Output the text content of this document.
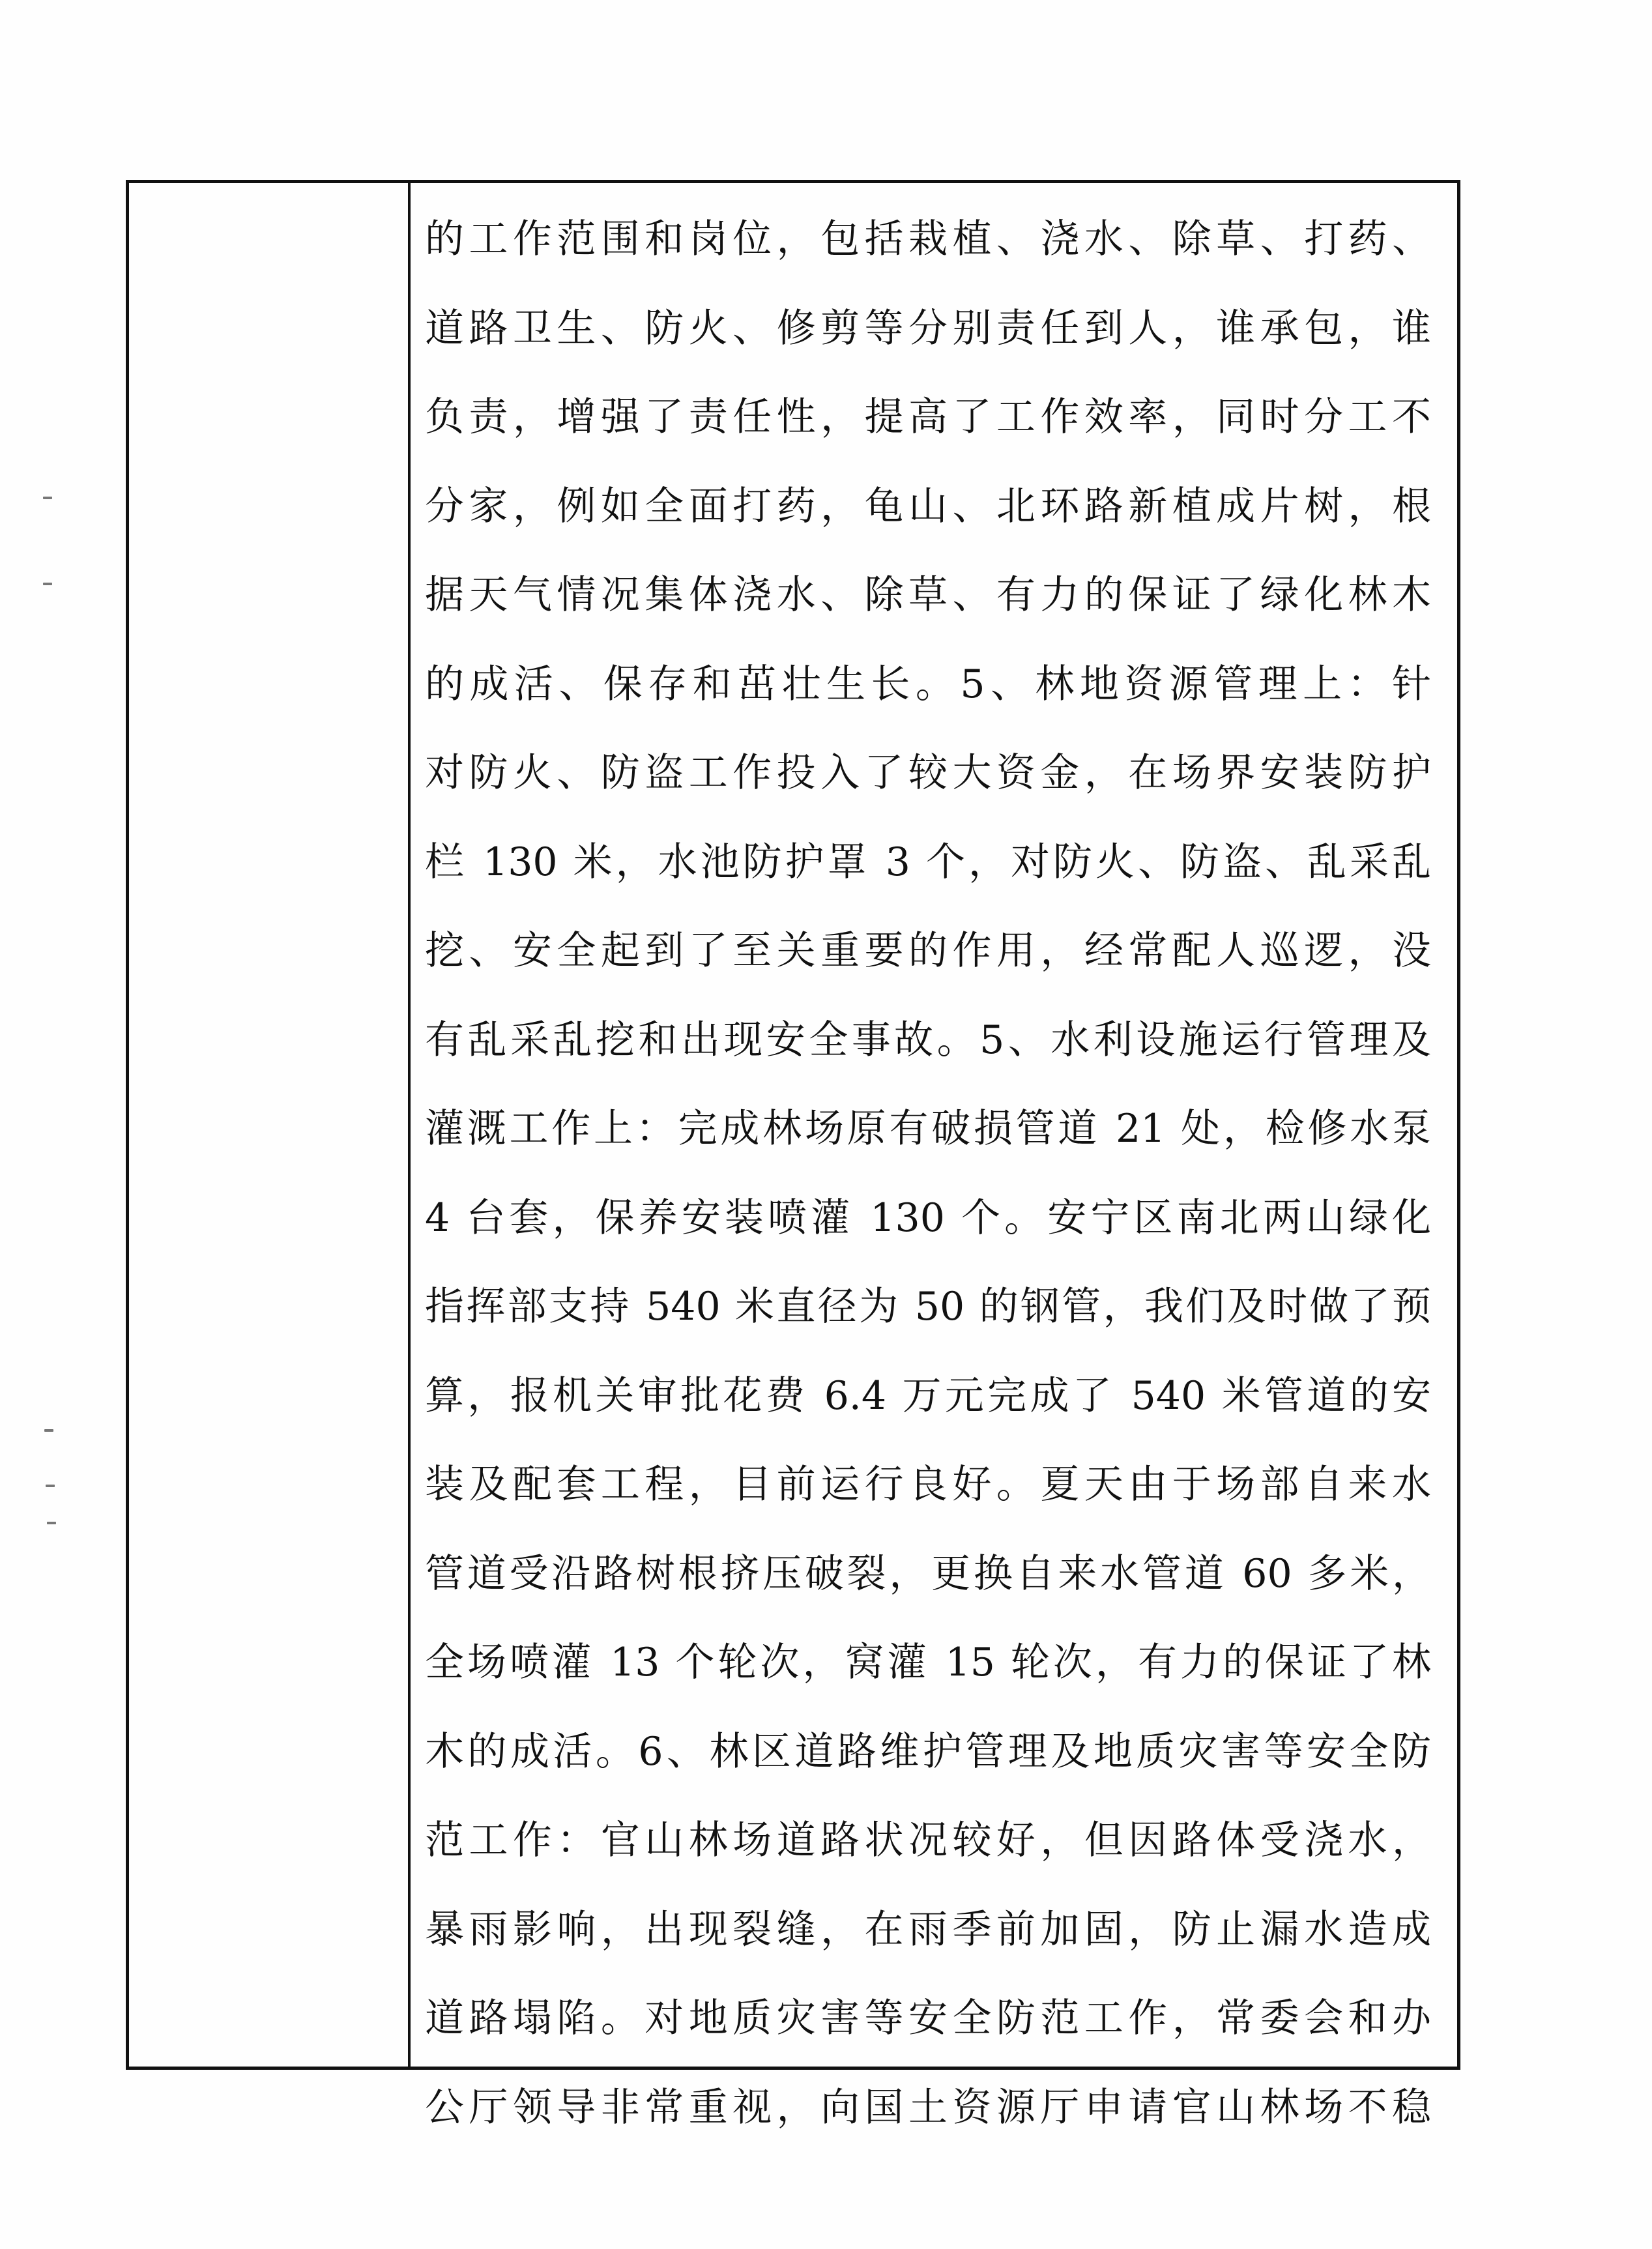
的工作范围和岗位，包括栽植、浇水、除草、打药、
道路卫生、防火、修剪等分别责任到人，谁承包，谁
负责，增强了责任性，提高了工作效率，同时分工不
分家，例如全面打药，龟山、北环路新植成片树，根
据天气情况集体浇水、除草、有力的保证了绿化林木
的成活、保存和茁壮生长。5、林地资源管理上：针
对防火、防盗工作投入了较大资金，在场界安装防护
栏 130 米，水池防护罩 3 个，对防火、防盗、乱采乱
挖、安全起到了至关重要的作用，经常配人巡逻，没
有乱采乱挖和出现安全事故。5、水利设施运行管理及
灌溉工作上：完成林场原有破损管道 21 处，检修水泵
4 台套，保养安装喷灌 130 个。安宁区南北两山绿化
指挥部支持 540 米直径为 50 的钢管，我们及时做了预
算，报机关审批花费 6.4 万元完成了 540 米管道的安
装及配套工程，目前运行良好。夏天由于场部自来水
管道受沿路树根挤压破裂，更换自来水管道 60 多米，
全场喷灌 13 个轮次，窝灌 15 轮次，有力的保证了林
木的成活。6、林区道路维护管理及地质灾害等安全防
范工作：官山林场道路状况较好，但因路体受浇水，
暴雨影响，出现裂缝，在雨季前加固，防止漏水造成
道路塌陷。对地质灾害等安全防范工作，常委会和办
公厅领导非常重视，向国土资源厅申请官山林场不稳
